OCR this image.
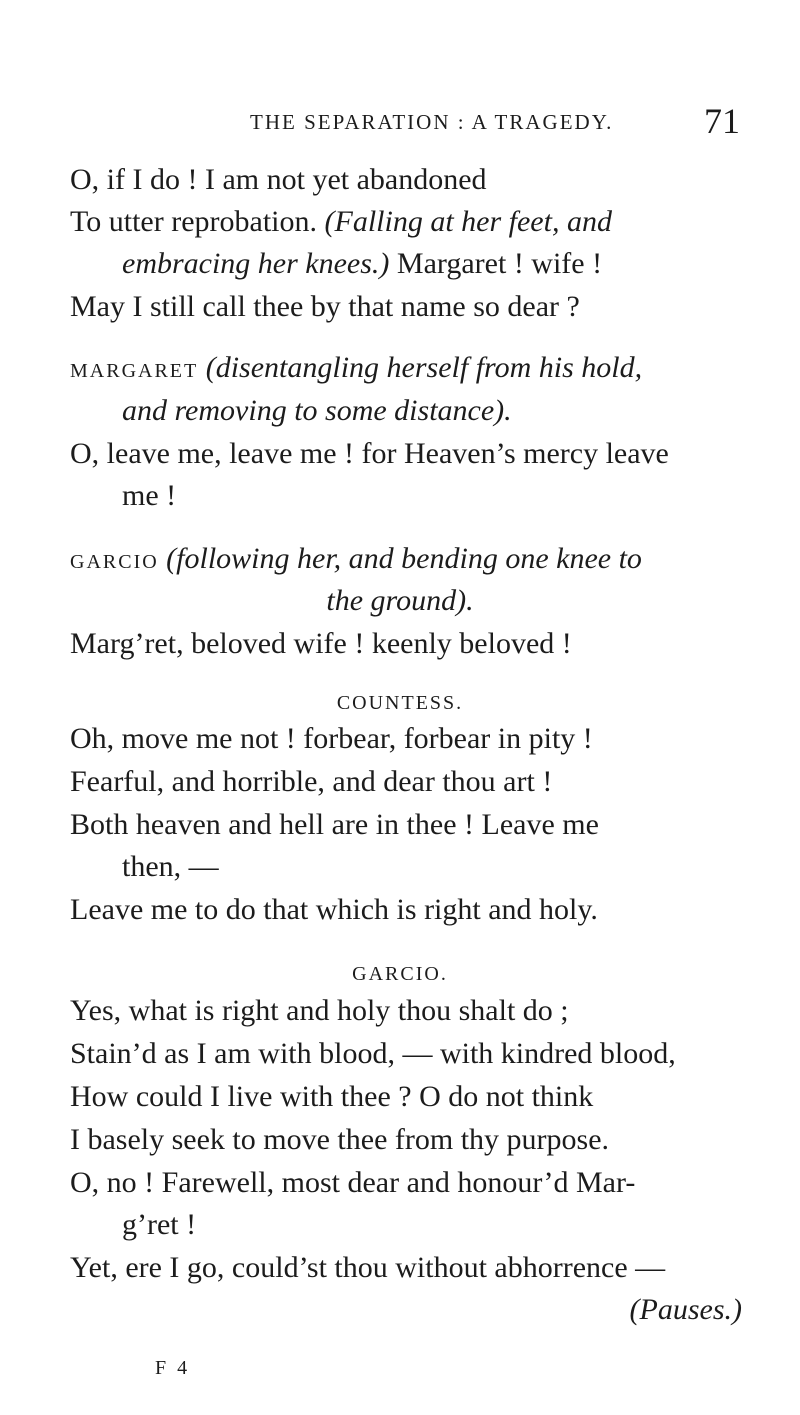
THE SEPARATION : A TRAGEDY.	71
O, if I do ! I am not yet abandoned
To utter reprobation. (Falling at her feet, and
embracing her knees.) Margaret ! wife !
May I still call thee by that name so dear ?
MARGARET (disentangling herself from his hold,
and removing to some distance).
O, leave me, leave me ! for Heaven’s mercy leave
me !
GARCIO (following her, and bending one knee to
the ground).
Marg’ret, beloved wife ! keenly beloved !
COUNTESS.
Oh, move me not ! forbear, forbear in pity !
Fearful, and horrible, and dear thou art !
Both heaven and hell are in thee ! Leave me
then, —
Leave me to do that which is right and holy.
GARCIO.
Yes, what is right and holy thou shalt do ;
Stain’d as I am with blood, — with kindred blood,
How could I live with thee ? O do not think
I basely seek to move thee from thy purpose.
O, no ! Farewell, most dear and honour’d Mar-
g’ret !
Yet, ere I go, could’st thou without abhorrence —
(Pauses.)
F 4
